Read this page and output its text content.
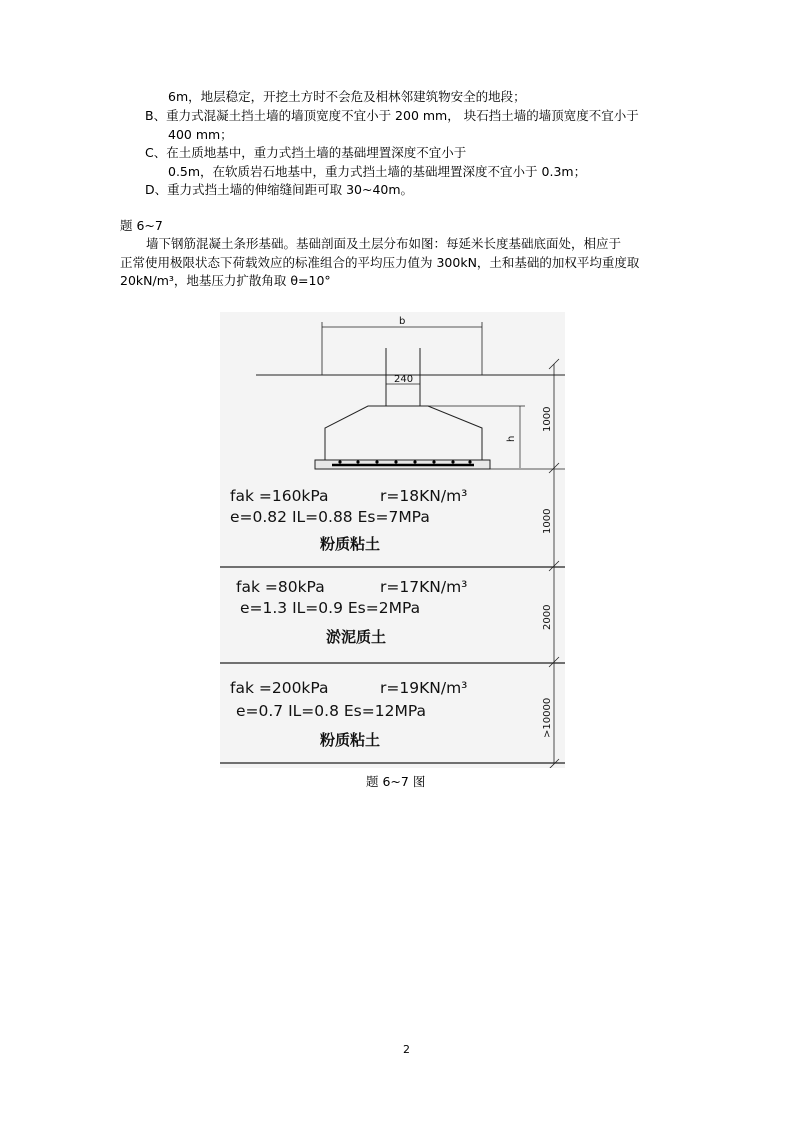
6m，地层稳定，开挖土方时不会危及相林邻建筑物安全的地段；
B、重力式混凝土挡土墙的墙顶宽度不宜小于 200 mm， 块石挡土墙的墙顶宽度不宜小于
400 mm；
C、在土质地基中，重力式挡土墙的基础埋置深度不宜小于
0.5m，在软质岩石地基中，重力式挡土墙的基础埋置深度不宜小于 0.3m；
D、重力式挡土墙的伸缩缝间距可取 30~40m。
题 6~7
墙下钢筋混凝土条形基础。基础剖面及土层分布如图：每延米长度基础底面处，相应于
正常使用极限状态下荷载效应的标准组合的平均压力值为 300kN，土和基础的加权平均重度取
20kN/m³，地基压力扩散角取 θ=10°
b
240
h
1000
1000
2000
>10000
fak =160kPa	r=18KN/m³
e=0.82 IL=0.88 Es=7MPa
粉质粘土
fak =80kPa	r=17KN/m³
e=1.3 IL=0.9 Es=2MPa
淤泥质土
fak =200kPa	r=19KN/m³
e=0.7 IL=0.8 Es=12MPa
粉质粘土
题 6~7 图
2
